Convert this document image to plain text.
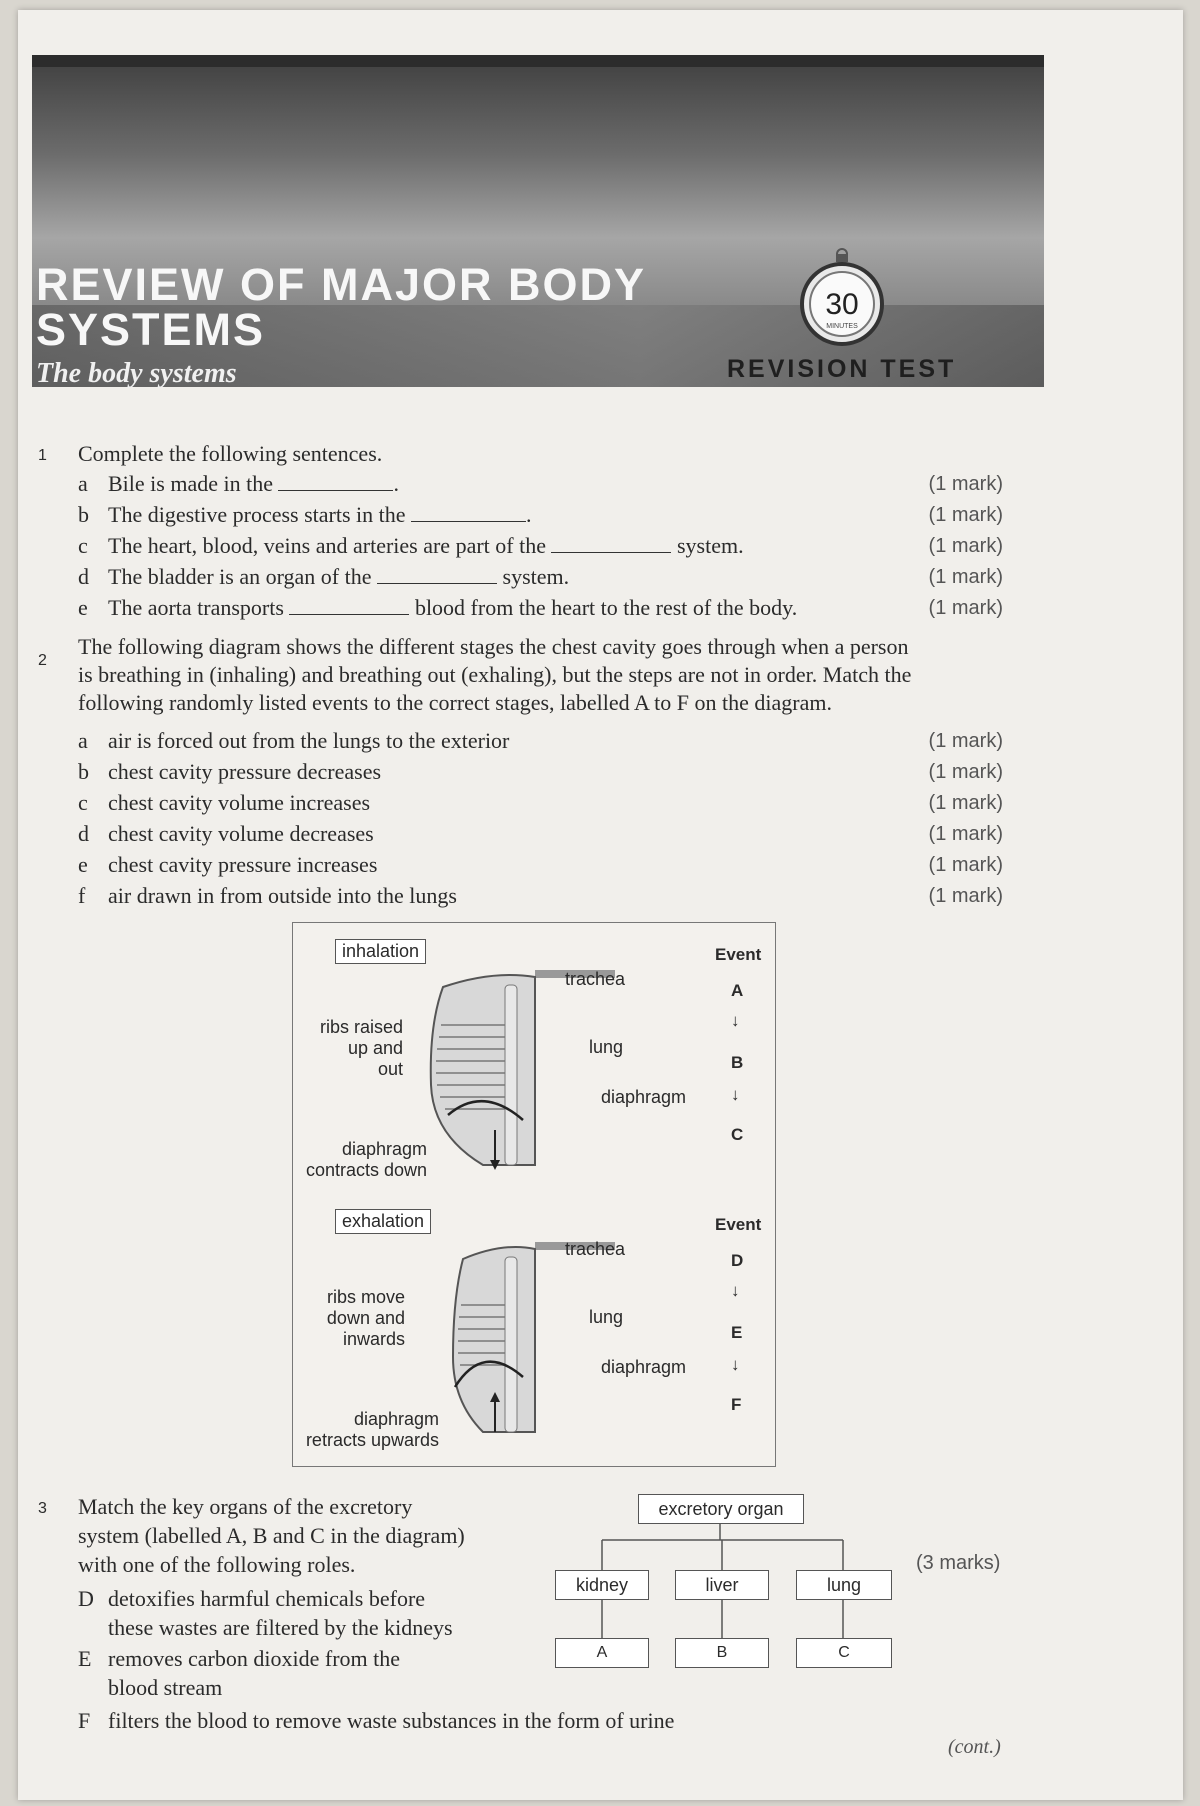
REVIEW OF MAJOR BODY
SYSTEMS
The body systems
30
MINUTES
REVISION TEST
1 Complete the following sentences.
a Bile is made in the	.	(1 mark)
b The digestive process starts in the	.	(1 mark)
c The heart, blood, veins and arteries are part of the	system.	(1 mark)
d The bladder is an organ of the	system.	(1 mark)
e The aorta transports	blood from the heart to the rest of the body.	(1 mark)
2
The following diagram shows the different stages the chest cavity goes through when a person
is breathing in (inhaling) and breathing out (exhaling), but the steps are not in order. Match the
following randomly listed events to the correct stages, labelled A to F on the diagram.
a air is forced out from the lungs to the exterior	(1 mark)
b chest cavity pressure decreases	(1 mark)
c chest cavity volume increases	(1 mark)
d chest cavity volume decreases	(1 mark)
e chest cavity pressure increases	(1 mark)
f air drawn in from outside into the lungs	(1 mark)
inhalation
trachea
lung
diaphragm
ribs raised
up and out
diaphragm
contracts down
Event
A
↓
B
↓
C
exhalation
trachea
lung
diaphragm
ribs move
down and
inwards
diaphragm
retracts upwards
Event
D
↓
E
↓
F
3 Match the key organs of the excretory
system (labelled A, B and C in the diagram)
with one of the following roles.
D detoxifies harmful chemicals before
these wastes are filtered by the kidneys
E removes carbon dioxide from the
blood stream
F filters the blood to remove waste substances in the form of urine
(3 marks)
excretory organ
kidney	liver	lung
A	B	C
(cont.)
